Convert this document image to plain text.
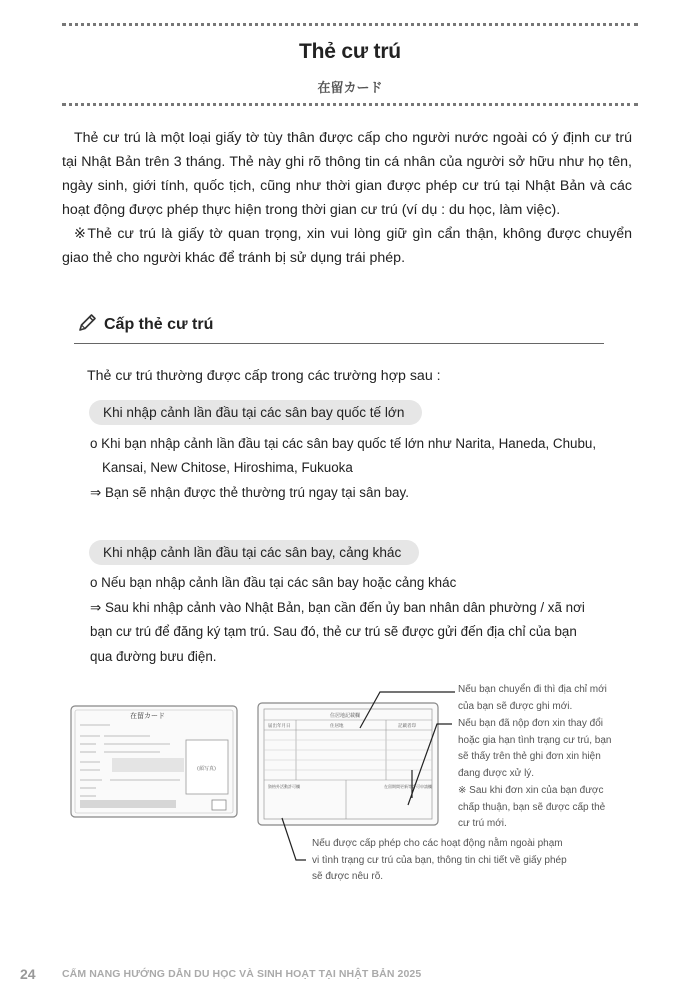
Thẻ cư trú
在留カード

Thẻ cư trú là một loại giấy tờ tùy thân được cấp cho người nước ngoài có ý định cư trú tại Nhật Bản trên 3 tháng. Thẻ này ghi rõ thông tin cá nhân của người sở hữu như họ tên, ngày sinh, giới tính, quốc tịch, cũng như thời gian được phép cư trú tại Nhật Bản và các hoạt động được phép thực hiện trong thời gian cư trú (ví dụ : du học, làm việc).

※Thẻ cư trú là giấy tờ quan trọng, xin vui lòng giữ gìn cẩn thận, không được chuyển giao thẻ cho người khác để tránh bị sử dụng trái phép.

Cấp thẻ cư trú
Thẻ cư trú thường được cấp trong các trường hợp sau :
Khi nhập cảnh lần đầu tại các sân bay quốc tế lớn
o Khi bạn nhập cảnh lần đầu tại các sân bay quốc tế lớn như Narita, Haneda, Chubu,
Kansai, New Chitose, Hiroshima, Fukuoka
⇒ Bạn sẽ nhận được thẻ thường trú ngay tại sân bay.
Khi nhập cảnh lần đầu tại các sân bay, cảng khác
o Nếu bạn nhập cảnh lần đầu tại các sân bay hoặc cảng khác
⇒ Sau khi nhập cảnh vào Nhật Bản, bạn cần đến ủy ban nhân dân phường / xã nơi
bạn cư trú để đăng ký tạm trú. Sau đó, thẻ cư trú sẽ được gửi đến địa chỉ của bạn
qua đường bưu điện.
在留カード
(顔写真)
住居地記載欄
届出年月日	住居地	記載者印
資格外活動許可欄	在留期間更新等許可申請欄
Nếu bạn chuyển đi thì địa chỉ mới
của bạn sẽ được ghi mới.
Nếu bạn đã nộp đơn xin thay đổi
hoặc gia hạn tình trạng cư trú, bạn
sẽ thấy trên thẻ ghi đơn xin hiện
đang được xử lý.
※ Sau khi đơn xin của bạn được
chấp thuận, bạn sẽ được cấp thẻ
cư trú mới.
Nếu được cấp phép cho các hoạt động nằm ngoài phạm
vi tình trạng cư trú của bạn, thông tin chi tiết về giấy phép
sẽ được nêu rõ.
24	CẨM NANG HƯỚNG DẪN DU HỌC VÀ SINH HOẠT TẠI NHẬT BẢN 2025
